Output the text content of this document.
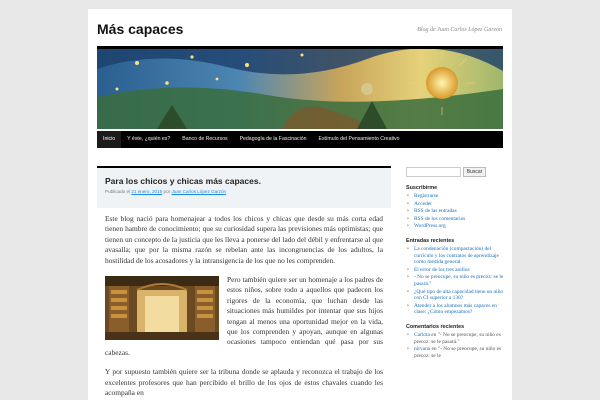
Más capaces	Blog de Juan Carlos López Garzón
Inicio	Y éste, ¿quién es?	Banco de Recursos	Pedagogía de la Fascinación	Estímulo del Pensamiento Creativo
Para los chicos y chicas más capaces.
Publicado el 21 enero, 2015 por Juan Carlos López Garzón

Este blog nació para homenajear a todos los chicos y chicas que desde su más corta edad tienen hambre de conocimiento; que su curiosidad supera las previsiones más optimistas; que tienen un concepto de la justicia que les lleva a ponerse del lado del débil y enfrentarse al que avasalla; que por la misma razón se rebelan ante las incongruencias de los adultos, la hostilidad de los acosadores y la intransigencia de los que no les comprenden.

Pero también quiere ser un homenaje a los padres de estos niños, sobre todo a aquellos que padecen los rigores de la economía, que luchan desde las situaciones más humildes por intentar que sus hijos tengan al menos una oportunidad mejor en la vida, que los comprenden y apoyan, aunque en algunas ocasiones tampoco entiendan qué pasa por sus cabezas.

Y por supuesto también quiere ser la tribuna donde se aplauda y reconozca el trabajo de los excelentes profesores que han percibido el brillo de los ojos de estos chavales cuando les acompaña en

Buscar
Suscribirme
• Registrarse
• Acceder
• RSS de las entradas
• RSS de los comentarios
• WordPress.org
Entradas recientes
• La condenación (compactación) del currículo y los contratos de aprendizaje como medida general.
• El error de los tres anillos
• - No se preocupe, su niño es precoz: se le pasará."
• ¿Qué tipo de alta capacidad tiene un niño con CI superior a 130?
• Atender a los alumnos más capaces en clase: ¿Cómo empezamos?
Comentarios recientes
• Carlota en "- No se preocupe, su niño es precoz: se le pasará."
• nirvana en "- No se preocupe, su niño es precoz: se le
